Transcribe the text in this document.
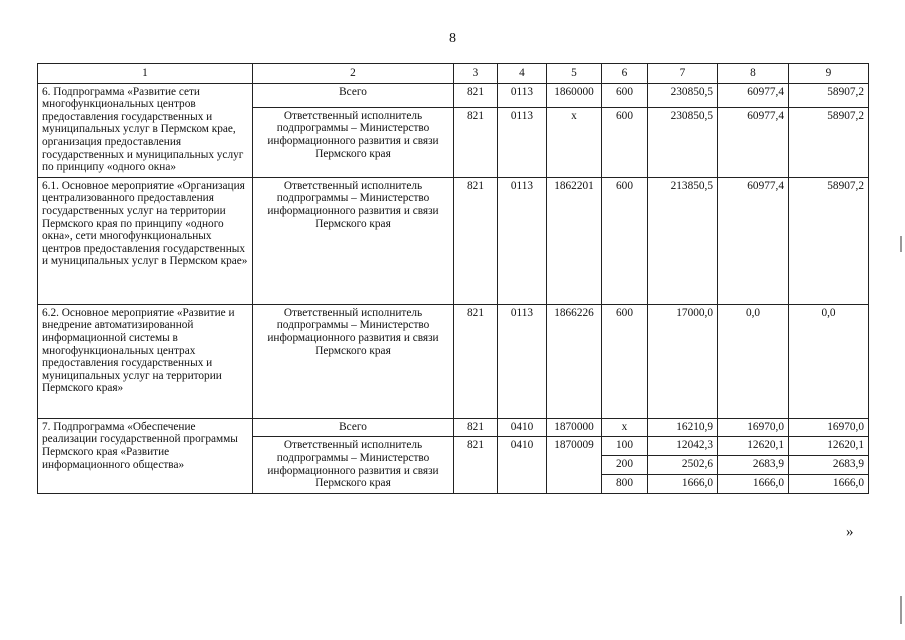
8
1	2	3	4	5	6	7	8	9
6. Подпрограмма «Развитие сети многофункциональных центров предоставления государственных и муниципальных услуг в Пермском крае, организация предоставления государственных и муниципальных услуг по принципу «одного окна»	Всего	821	0113	1860000	600	230850,5	60977,4	58907,2
	Ответственный исполнитель подпрограммы – Министерство информационного развития и связи Пермского края	821	0113	x	600	230850,5	60977,4	58907,2
6.1. Основное мероприятие «Организация централизованного предоставления государственных услуг на территории Пермского края по принципу «одного окна», сети многофункциональных центров предоставления государственных и муниципальных услуг в Пермском крае»	Ответственный исполнитель подпрограммы – Министерство информационного развития и связи Пермского края	821	0113	1862201	600	213850,5	60977,4	58907,2
6.2. Основное мероприятие «Развитие и внедрение автоматизированной информационной системы в многофункциональных центрах предоставления государственных и муниципальных услуг на территории Пермского края»	Ответственный исполнитель подпрограммы – Министерство информационного развития и связи Пермского края	821	0113	1866226	600	17000,0	0,0	0,0
7. Подпрограмма «Обеспечение реализации государственной программы Пермского края «Развитие информационного общества»	Всего	821	0410	1870000	x	16210,9	16970,0	16970,0
	Ответственный исполнитель подпрограммы – Министерство информационного развития и связи Пермского края	821	0410	1870009	100	12042,3	12620,1	12620,1
					200	2502,6	2683,9	2683,9
					800	1666,0	1666,0	1666,0
»
